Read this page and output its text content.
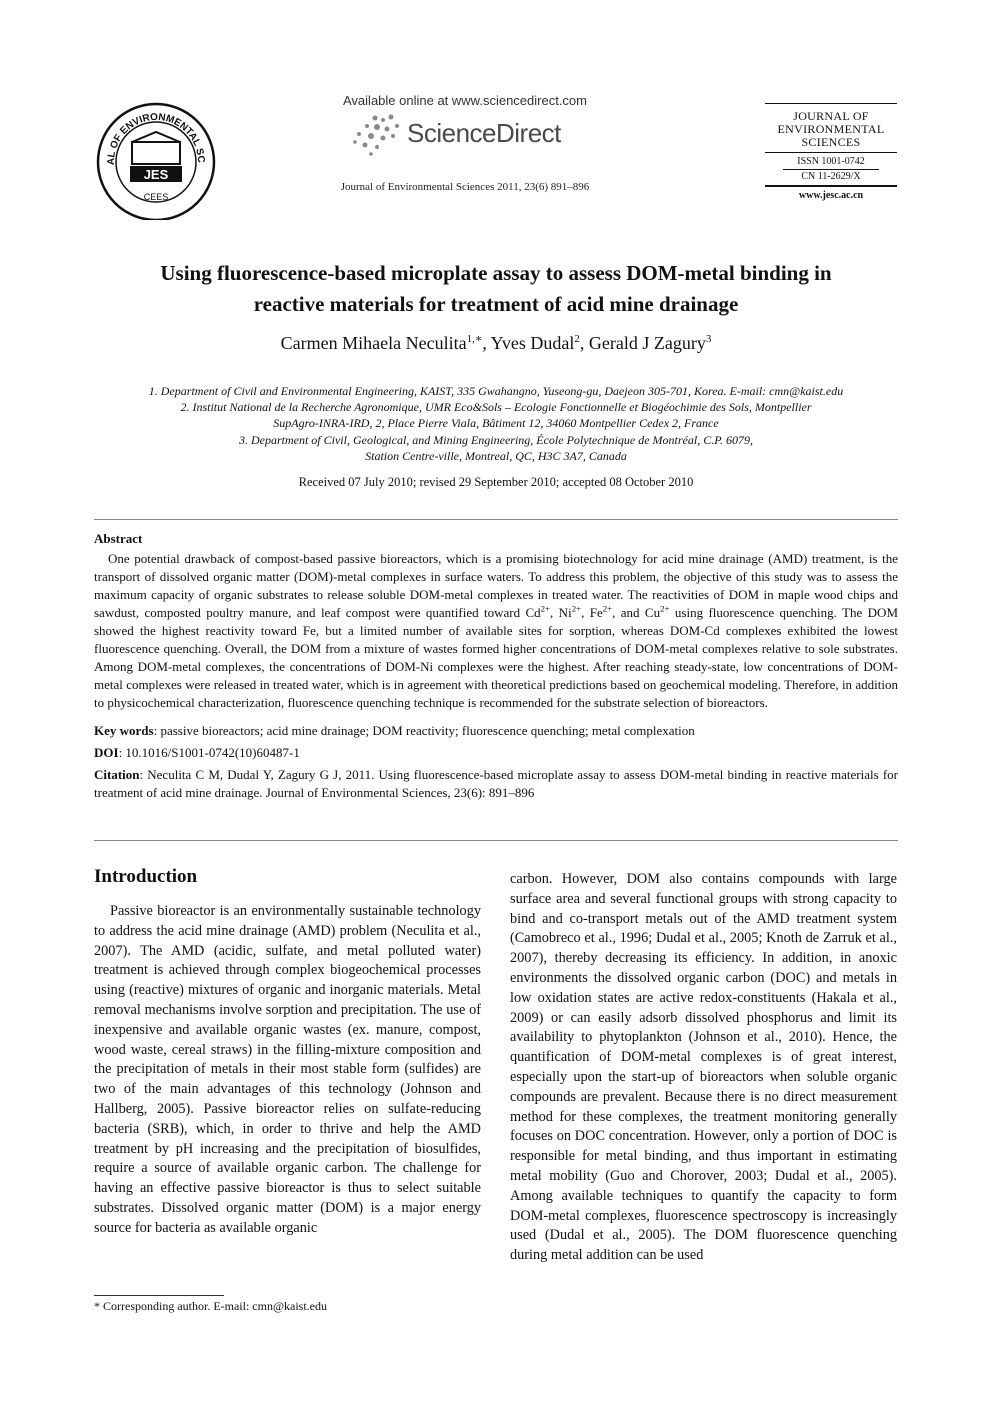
AL OF ENVIRONMENTAL SC
JES
CEES
Available online at www.sciencedirect.com
ScienceDirect
Journal of Environmental Sciences 2011, 23(6) 891–896
JOURNAL OF
ENVIRONMENTAL
SCIENCES
ISSN 1001-0742
CN 11-2629/X
www.jesc.ac.cn
Using fluorescence-based microplate assay to assess DOM-metal binding in
reactive materials for treatment of acid mine drainage
Carmen Mihaela Neculita$^{1,∗}$, Yves Dudal$^2$, Gerald J Zagury$^3$
1. Department of Civil and Environmental Engineering, KAIST, 335 Gwahangno, Yuseong-gu, Daejeon 305-701, Korea. E-mail: cmn@kaist.edu
2. Institut National de la Recherche Agronomique, UMR Eco&Sols – Ecologie Fonctionnelle et Biogéochimie des Sols, Montpellier
SupAgro-INRA-IRD, 2, Place Pierre Viala, Bâtiment 12, 34060 Montpellier Cedex 2, France
3. Department of Civil, Geological, and Mining Engineering, École Polytechnique de Montréal, C.P. 6079,
Station Centre-ville, Montreal, QC, H3C 3A7, Canada
Received 07 July 2010; revised 29 September 2010; accepted 08 October 2010
Abstract
One potential drawback of compost-based passive bioreactors, which is a promising biotechnology for acid mine drainage (AMD) treatment, is the transport of dissolved organic matter (DOM)-metal complexes in surface waters. To address this problem, the objective of this study was to assess the maximum capacity of organic substrates to release soluble DOM-metal complexes in treated water. The reactivities of DOM in maple wood chips and sawdust, composted poultry manure, and leaf compost were quantified toward $Cd^{2+}$, $Ni^{2+}$, $Fe^{2+}$, and $Cu^{2+}$ using fluorescence quenching. The DOM showed the highest reactivity toward Fe, but a limited number of available sites for sorption, whereas DOM-Cd complexes exhibited the lowest fluorescence quenching. Overall, the DOM from a mixture of wastes formed higher concentrations of DOM-metal complexes relative to sole substrates. Among DOM-metal complexes, the concentrations of DOM-Ni complexes were the highest. After reaching steady-state, low concentrations of DOM-metal complexes were released in treated water, which is in agreement with theoretical predictions based on geochemical modeling. Therefore, in addition to physicochemical characterization, fluorescence quenching technique is recommended for the substrate selection of bioreactors.
Key words: passive bioreactors; acid mine drainage; DOM reactivity; fluorescence quenching; metal complexation
DOI: 10.1016/S1001-0742(10)60487-1
Citation: Neculita C M, Dudal Y, Zagury G J, 2011. Using fluorescence-based microplate assay to assess DOM-metal binding in reactive materials for treatment of acid mine drainage. Journal of Environmental Sciences, 23(6): 891–896
Introduction
Passive bioreactor is an environmentally sustainable technology to address the acid mine drainage (AMD) problem (Neculita et al., 2007). The AMD (acidic, sulfate, and metal polluted water) treatment is achieved through complex biogeochemical processes using (reactive) mixtures of organic and inorganic materials. Metal removal mechanisms involve sorption and precipitation. The use of inexpensive and available organic wastes (ex. manure, compost, wood waste, cereal straws) in the filling-mixture composition and the precipitation of metals in their most stable form (sulfides) are two of the main advantages of this technology (Johnson and Hallberg, 2005). Passive bioreactor relies on sulfate-reducing bacteria (SRB), which, in order to thrive and help the AMD treatment by pH increasing and the precipitation of biosulfides, require a source of available organic carbon. The challenge for having an effective passive bioreactor is thus to select suitable substrates. Dissolved organic matter (DOM) is a major energy source for bacteria as available organic
carbon. However, DOM also contains compounds with large surface area and several functional groups with strong capacity to bind and co-transport metals out of the AMD treatment system (Camobreco et al., 1996; Dudal et al., 2005; Knoth de Zarruk et al., 2007), thereby decreasing its efficiency. In addition, in anoxic environments the dissolved organic carbon (DOC) and metals in low oxidation states are active redox-constituents (Hakala et al., 2009) or can easily adsorb dissolved phosphorus and limit its availability to phytoplankton (Johnson et al., 2010). Hence, the quantification of DOM-metal complexes is of great interest, especially upon the start-up of bioreactors when soluble organic compounds are prevalent. Because there is no direct measurement method for these complexes, the treatment monitoring generally focuses on DOC concentration. However, only a portion of DOC is responsible for metal binding, and thus important in estimating metal mobility (Guo and Chorover, 2003; Dudal et al., 2005). Among available techniques to quantify the capacity to form DOM-metal complexes, fluorescence spectroscopy is increasingly used (Dudal et al., 2005). The DOM fluorescence quenching during metal addition can be used
* Corresponding author. E-mail: cmn@kaist.edu
